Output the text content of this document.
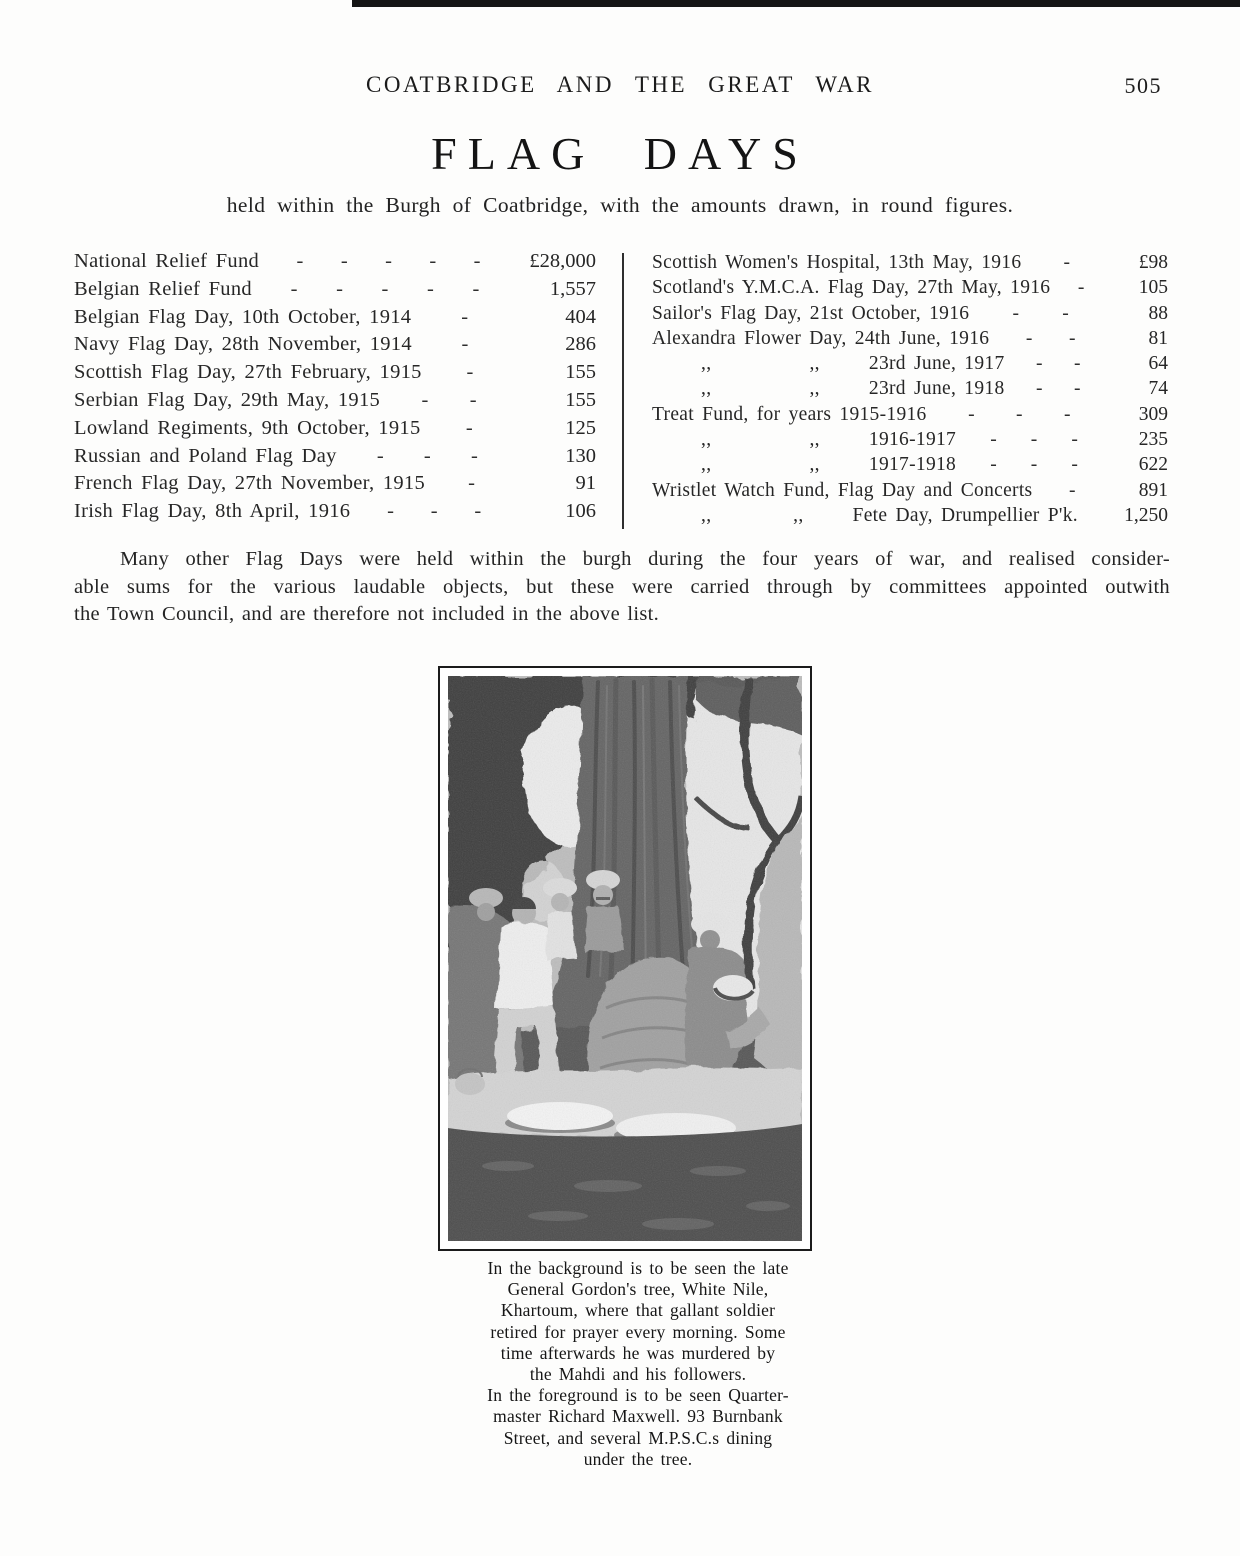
COATBRIDGE AND THE GREAT WAR	505
FLAG DAYS
held within the Burgh of Coatbridge, with the amounts drawn, in round figures.
National Relief Fund - - - - -	£28,000
Belgian Relief Fund - - - - -	1,557
Belgian Flag Day, 10th October, 1914 -	404
Navy Flag Day, 28th November, 1914 -	286
Scottish Flag Day, 27th February, 1915 -	155
Serbian Flag Day, 29th May, 1915 - -	155
Lowland Regiments, 9th October, 1915 -	125
Russian and Poland Flag Day - - -	130
French Flag Day, 27th November, 1915 -	91
Irish Flag Day, 8th April, 1916 - - -	106
Scottish Women's Hospital, 13th May, 1916 -	£98
Scotland's Y.M.C.A. Flag Day, 27th May, 1916 -	105
Sailor's Flag Day, 21st October, 1916 - -	88
Alexandra Flower Day, 24th June, 1916 - -	81
,,            ,,      23rd June, 1917 - -	64
,,            ,,      23rd June, 1918 - -	74
Treat Fund, for years 1915-1916 - - -	309
,,            ,,      1916-1917 - - -	235
,,            ,,      1917-1918 - - -	622
Wristlet Watch Fund, Flag Day and Concerts -	891
,,          ,,      Fete Day, Drumpellier P'k.	1,250
Many other Flag Days were held within the burgh during the four years of war, and realised consider-
able sums for the various laudable objects, but these were carried through by committees appointed outwith
the Town Council, and are therefore not included in the above list.
In the background is to be seen the late
General Gordon's tree, White Nile,
Khartoum, where that gallant soldier
retired for prayer every morning. Some
time afterwards he was murdered by
the Mahdi and his followers.
In the foreground is to be seen Quarter-
master Richard Maxwell. 93 Burnbank
Street, and several M.P.S.C.s dining
under the tree.
